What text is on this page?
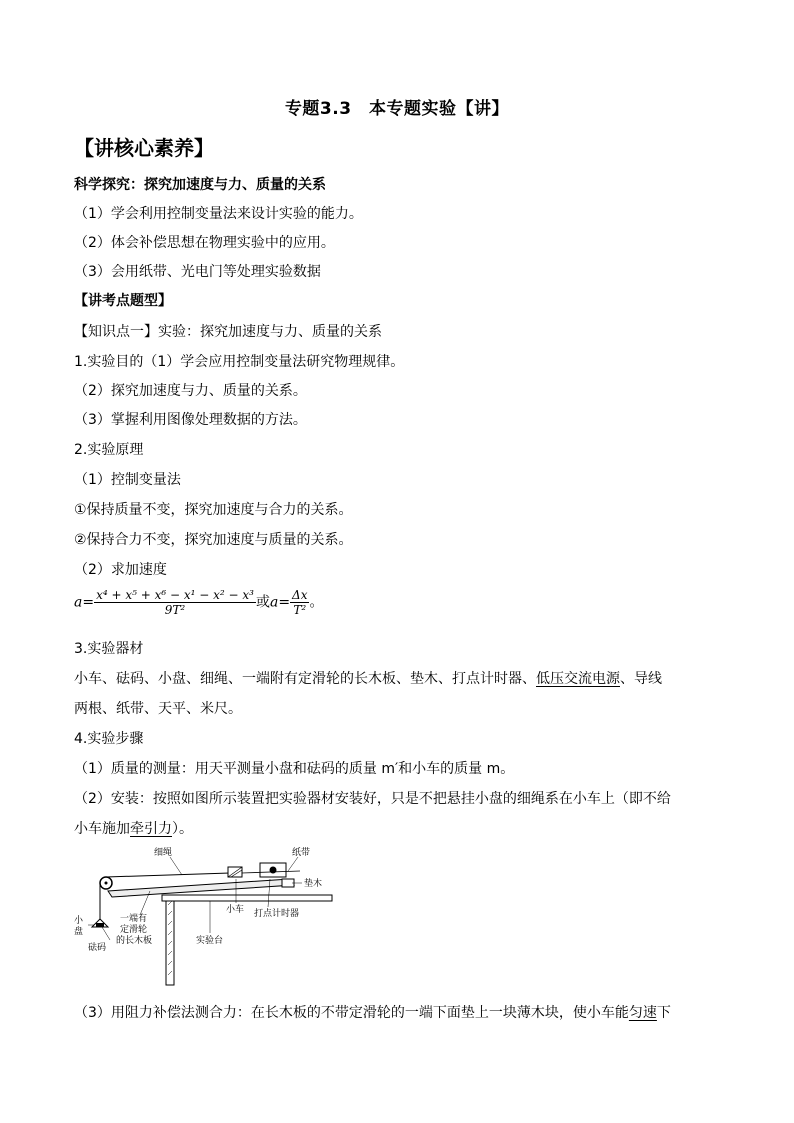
专题3.3　本专题实验【讲】
【讲核心素养】
科学探究：探究加速度与力、质量的关系
（1）学会利用控制变量法来设计实验的能力。
（2）体会补偿思想在物理实验中的应用。
（3）会用纸带、光电门等处理实验数据
【讲考点题型】
【知识点一】实验：探究加速度与力、质量的关系
1.实验目的（1）学会应用控制变量法研究物理规律。
（2）探究加速度与力、质量的关系。
（3）掌握利用图像处理数据的方法。
2.实验原理
（1）控制变量法
①保持质量不变，探究加速度与合力的关系。
②保持合力不变，探究加速度与质量的关系。
（2）求加速度
$a= \frac{\text{x⁴ + x⁵ + x⁶ − x¹ − x² − x³}}{\text{9T²}}$ 或$a= \frac{\Delta x}{\text{T²}}$ 。
3.实验器材
小车、砝码、小盘、细绳、一端附有定滑轮的长木板、垫木、打点计时器、低压交流电源、导线
两根、纸带、天平、米尺。
4.实验步骤
（1）质量的测量：用天平测量小盘和砝码的质量 m′和小车的质量 m。
（2）安装：按照如图所示装置把实验器材安装好，只是不把悬挂小盘的细绳系在小车上（即不给
小车施加牵引力）。
细绳	纸带
垫木
小车 打点计时器
小
盘
砝码
一端有
定滑轮
的长木板	实验台
（3）用阻力补偿法测合力：在长木板的不带定滑轮的一端下面垫上一块薄木块，使小车能匀速下
